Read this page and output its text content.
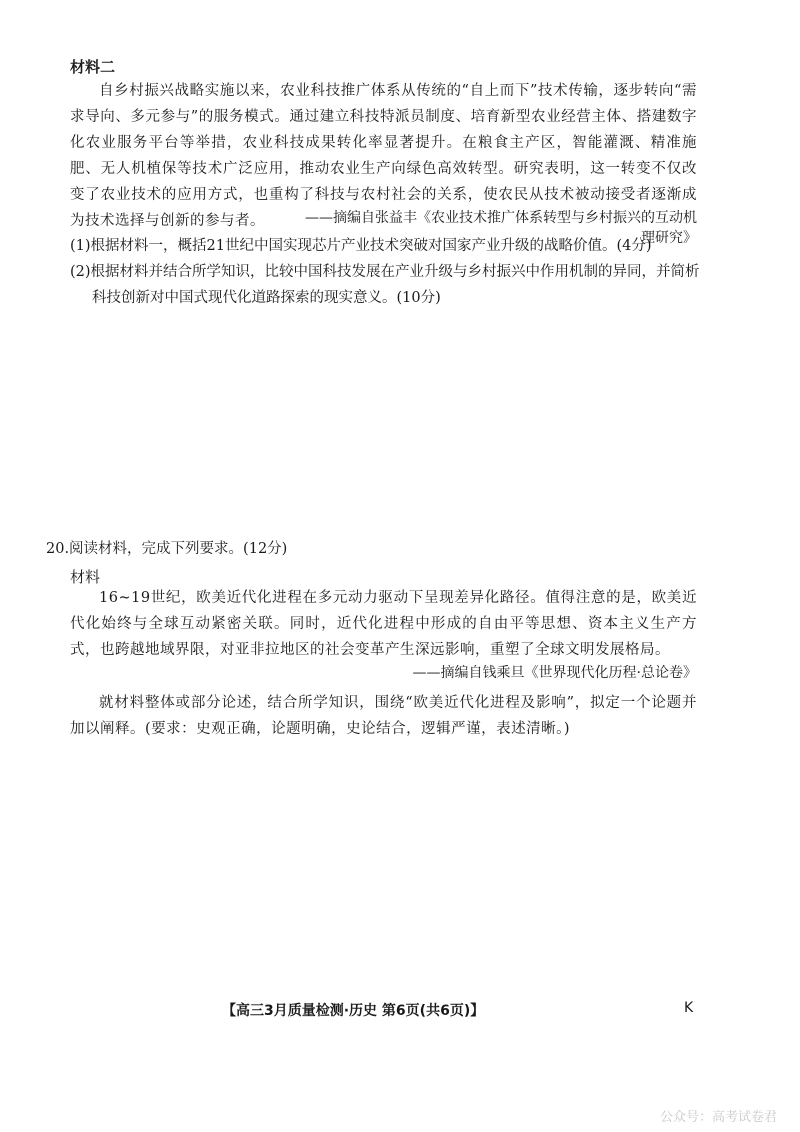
材料二

自乡村振兴战略实施以来，农业科技推广体系从传统的“自上而下”技术传输，逐步转向“需求导向、多元参与”的服务模式。通过建立科技特派员制度、培育新型农业经营主体、搭建数字化农业服务平台等举措，农业科技成果转化率显著提升。在粮食主产区，智能灌溉、精准施肥、无人机植保等技术广泛应用，推动农业生产向绿色高效转型。研究表明，这一转变不仅改变了农业技术的应用方式，也重构了科技与农村社会的关系，使农民从技术被动接受者逐渐成为技术选择与创新的参与者。	——摘编自张益丰《农业技术推广体系转型与乡村振兴的互动机理研究》

(1)根据材料一，概括21世纪中国实现芯片产业技术突破对国家产业升级的战略价值。(4分)

(2)根据材料并结合所学知识，比较中国科技发展在产业升级与乡村振兴中作用机制的异同，并简析

科技创新对中国式现代化道路探索的现实意义。(10分)

20.阅读材料，完成下列要求。(12分)
材料

16~19世纪，欧美近代化进程在多元动力驱动下呈现差异化路径。值得注意的是，欧美近代化始终与全球互动紧密关联。同时，近代化进程中形成的自由平等思想、资本主义生产方式，也跨越地域界限，对亚非拉地区的社会变革产生深远影响，重塑了全球文明发展格局。

——摘编自钱乘旦《世界现代化历程·总论卷》

就材料整体或部分论述，结合所学知识，围绕“欧美近代化进程及影响”，拟定一个论题并加以阐释。(要求：史观正确，论题明确，史论结合，逻辑严谨，表述清晰。)

【高三3月质量检测·历史 第6页(共6页)】	K
公众号：高考试卷君
